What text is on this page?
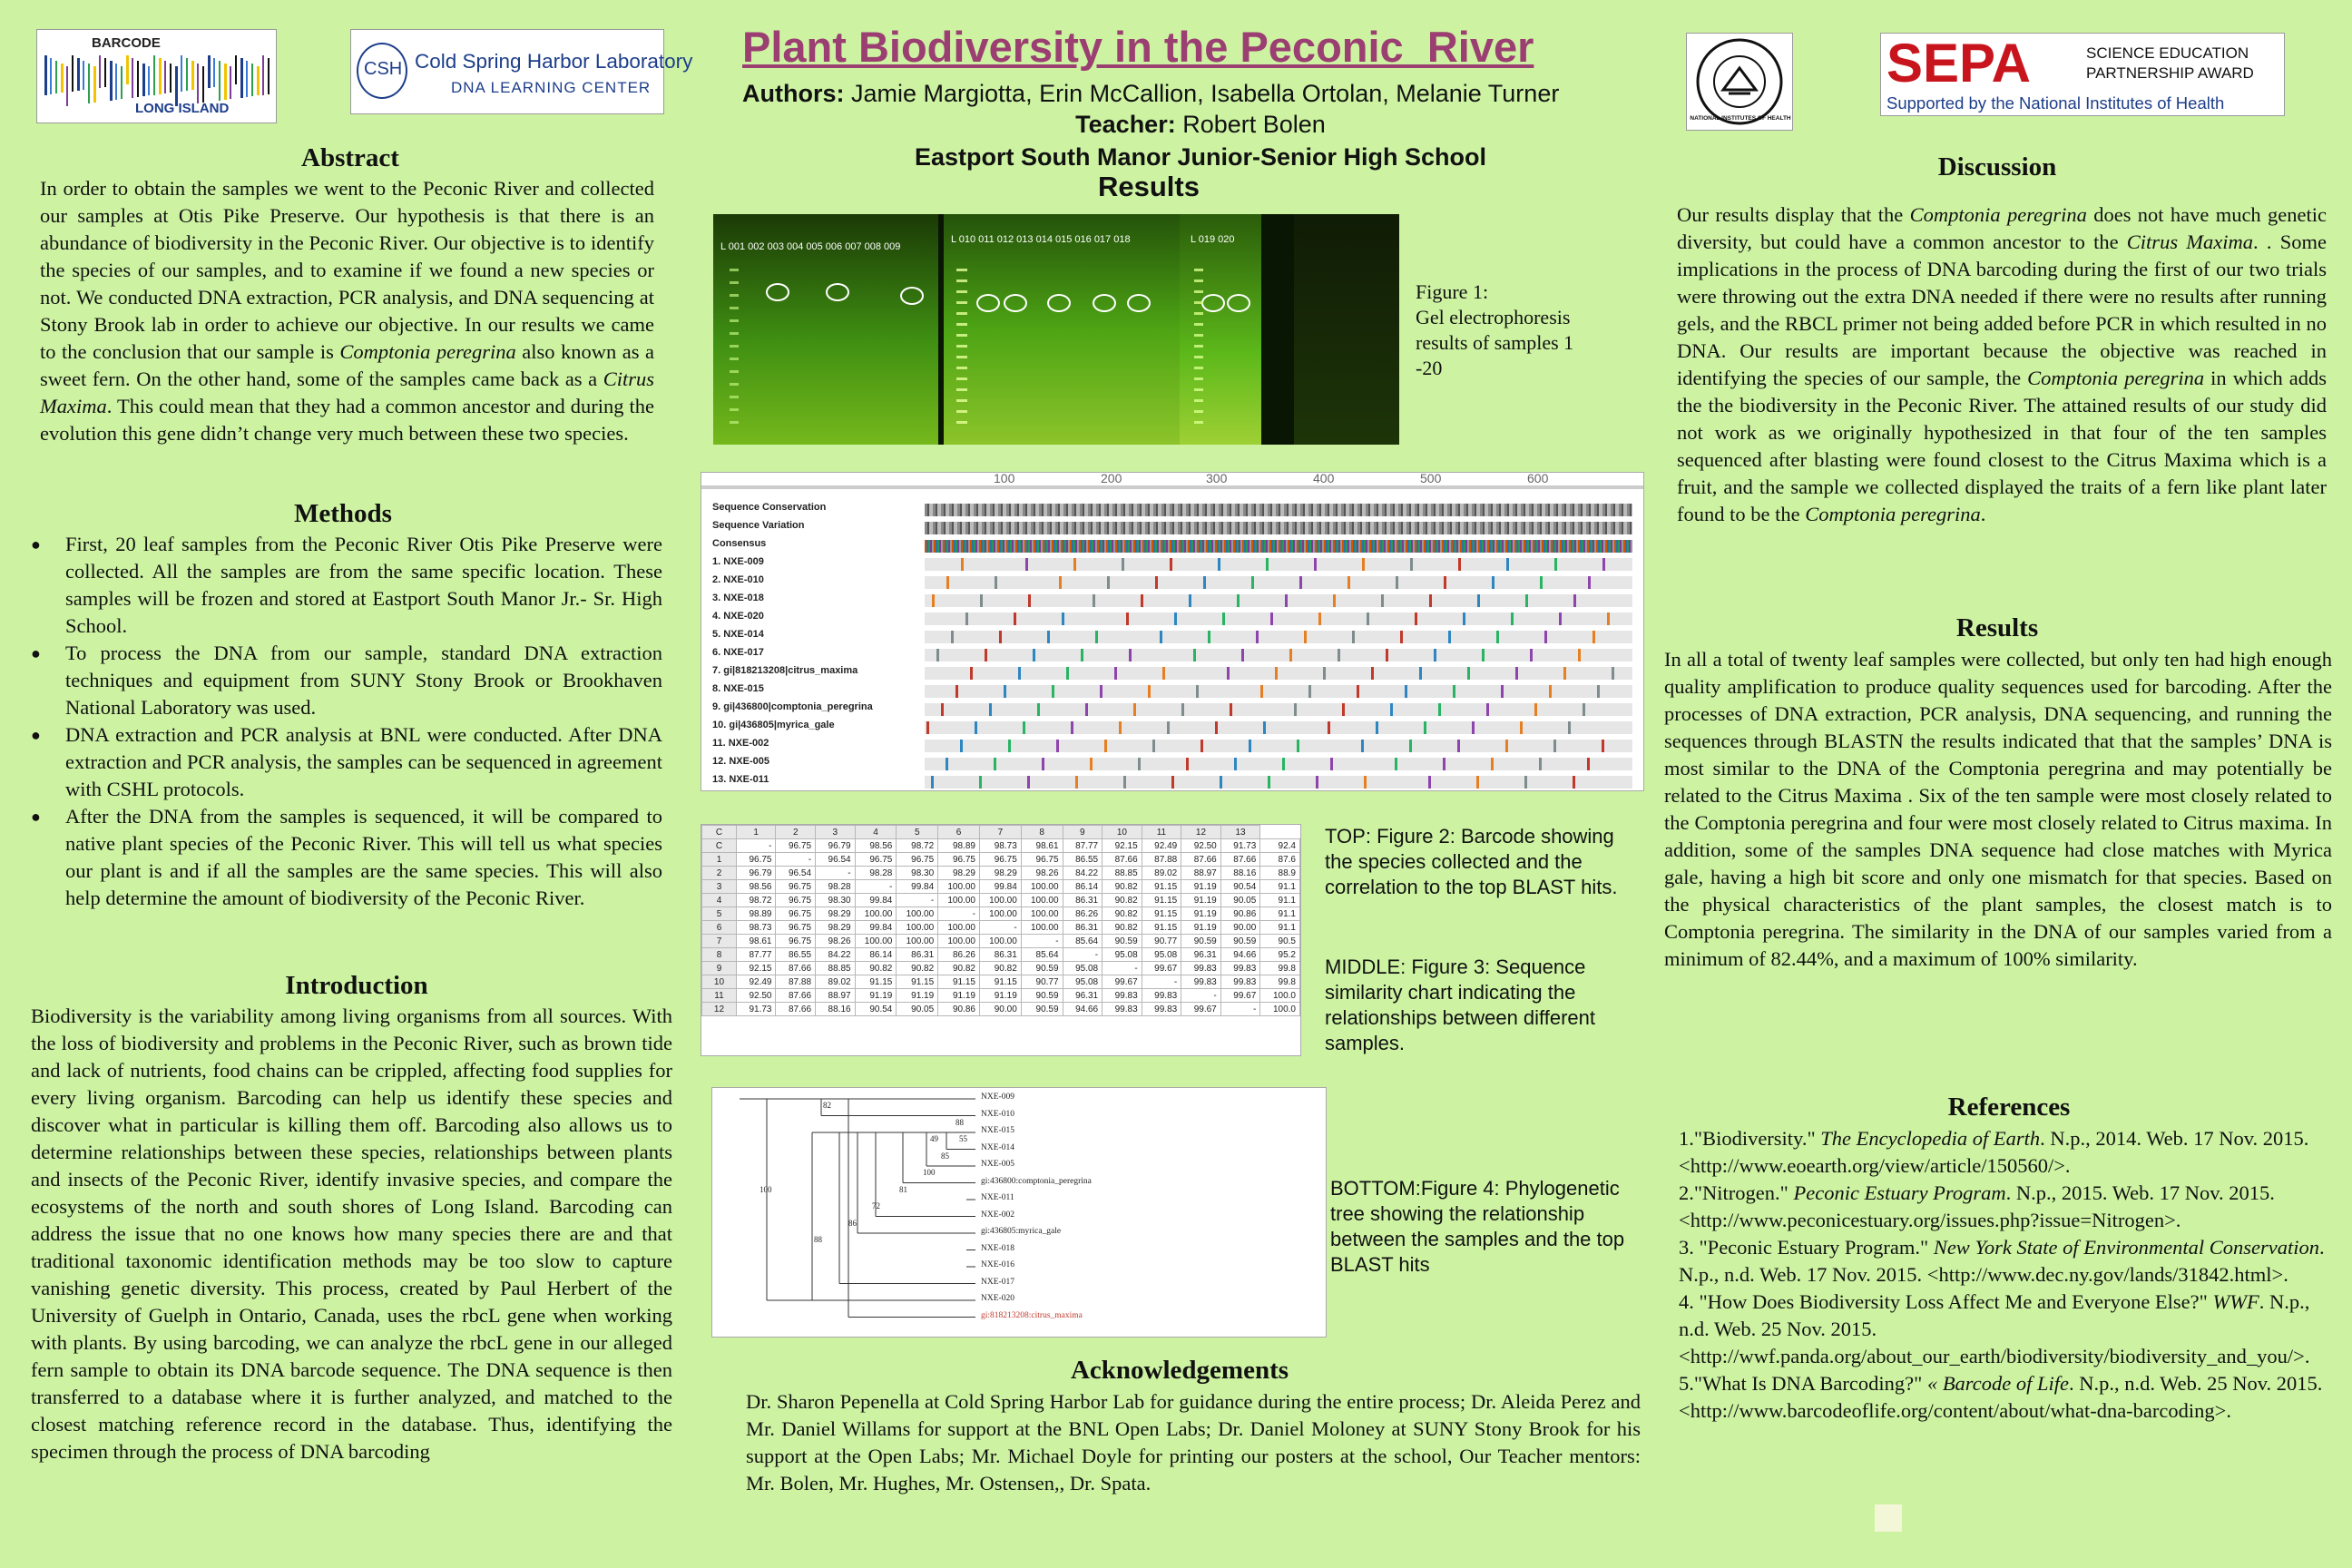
BARCODE
LONG ISLAND
CSH Cold Spring Harbor Laboratory
DNA LEARNING CENTER
NATIONAL INSTITUTES OF HEALTH
SEPA	SCIENCE EDUCATION
PARTNERSHIP AWARD
Supported by the National Institutes of Health
Plant Biodiversity in the Peconic_River
Authors: Jamie Margiotta, Erin McCallion, Isabella Ortolan, Melanie Turner
Teacher: Robert Bolen
Eastport South Manor Junior-Senior High School
Results
Abstract

In order to obtain the samples we went to the Peconic River and collected our samples at Otis Pike Preserve. Our hypothesis is that there is an abundance of biodiversity in the Peconic River. Our objective is to identify the species of our samples, and to examine if we found a new species or not. We conducted DNA extraction, PCR analysis, and DNA sequencing at Stony Brook lab in order to achieve our objective. In our results we came to the conclusion that our sample is Comptonia peregrina also known as a sweet fern. On the other hand, some of the samples came back as a Citrus Maxima. This could mean that they had a common ancestor and during the evolution this gene didn’t change very much between these two species.

Methods
● First, 20 leaf samples from the Peconic River Otis Pike Preserve were collected. All the samples are from the same specific location. These samples will be frozen and stored at Eastport South Manor Jr.- Sr. High School.
● To process the DNA from our sample, standard DNA extraction techniques and equipment from SUNY Stony Brook or Brookhaven National Laboratory was used.
● DNA extraction and PCR analysis at BNL were conducted. After DNA extraction and PCR analysis, the samples can be sequenced in agreement with CSHL protocols.
● After the DNA from the samples is sequenced, it will be compared to native plant species of the Peconic River. This will tell us what species our plant is and if all the samples are the same species. This will also help determine the amount of biodiversity of the Peconic River.
Introduction

Biodiversity is the variability among living organisms from all sources. With the loss of biodiversity and problems in the Peconic River, such as brown tide and lack of nutrients, food chains can be crippled, affecting food supplies for every living organism. Barcoding can help us identify these species and discover what in particular is killing them off. Barcoding also allows us to determine relationships between these species, relationships between plants and insects of the Peconic River, identify invasive species, and compare the ecosystems of the north and south shores of Long Island. Barcoding can address the issue that no one knows how many species there are and that traditional taxonomic identification methods may be too slow to capture vanishing genetic diversity. This process, created by Paul Herbert of the University of Guelph in Ontario, Canada, uses the rbcL gene when working with plants. By using barcoding, we can analyze the rbcL gene in our alleged fern sample to obtain its DNA barcode sequence. The DNA sequence is then transferred to a database where it is further analyzed, and matched to the closest matching reference record in the database. Thus, identifying the specimen through the process of DNA barcoding

L 001 002 003 004 005 006 007 008 009
L 010 011 012 013 014 015 016 017 018	L 019 020
Figure 1:
Gel electrophoresis results of samples 1 -20
100	200	300	400	500	600
Sequence Conservation
Sequence Variation
Consensus
1. NXE-009
2. NXE-010
3. NXE-018
4. NXE-020
5. NXE-014
6. NXE-017
7. gi|818213208|citrus_maxima
8. NXE-015
9. gi|436800|comptonia_peregrina
10. gi|436805|myrica_gale
11. NXE-002
12. NXE-005
13. NXE-011
C	1	2	3	4	5	6	7	8	9	10	11	12	13	
C	-	96.75	96.79	98.56	98.72	98.89	98.73	98.61	87.77	92.15	92.49	92.50	91.73	92.4
1	96.75	-	96.54	96.75	96.75	96.75	96.75	96.75	86.55	87.66	87.88	87.66	87.66	87.6
2	96.79	96.54	-	98.28	98.30	98.29	98.29	98.26	84.22	88.85	89.02	88.97	88.16	88.9
3	98.56	96.75	98.28	-	99.84	100.00	99.84	100.00	86.14	90.82	91.15	91.19	90.54	91.1
4	98.72	96.75	98.30	99.84	-	100.00	100.00	100.00	86.31	90.82	91.15	91.19	90.05	91.1
5	98.89	96.75	98.29	100.00	100.00	-	100.00	100.00	86.26	90.82	91.15	91.19	90.86	91.1
6	98.73	96.75	98.29	99.84	100.00	100.00	-	100.00	86.31	90.82	91.15	91.19	90.00	91.1
7	98.61	96.75	98.26	100.00	100.00	100.00	100.00	-	85.64	90.59	90.77	90.59	90.59	90.5
8	87.77	86.55	84.22	86.14	86.31	86.26	86.31	85.64	-	95.08	95.08	96.31	94.66	95.2
9	92.15	87.66	88.85	90.82	90.82	90.82	90.82	90.59	95.08	-	99.67	99.83	99.83	99.8
10	92.49	87.88	89.02	91.15	91.15	91.15	91.15	90.77	95.08	99.67	-	99.83	99.83	99.8
11	92.50	87.66	88.97	91.19	91.19	91.19	91.19	90.59	96.31	99.83	99.83	-	99.67	100.0
12	91.73	87.66	88.16	90.54	90.05	90.86	90.00	90.59	94.66	99.83	99.83	99.67	-	100.0
TOP: Figure 2: Barcode showing the species collected and the correlation to the top BLAST hits.
MIDDLE: Figure 3: Sequence similarity chart indicating the relationships between different samples.
NXE-009
NXE-010
NXE-015
NXE-014
NXE-005
gi:436800:comptonia_peregrina
NXE-011
NXE-002
gi:436805:myrica_gale
NXE-018
NXE-016
NXE-017
NXE-020
gi:818213208:citrus_maxima
82
100
88
86
72
81
100
85
55
49
88
BOTTOM:Figure 4: Phylogenetic tree showing the relationship between the samples and the top BLAST hits
Acknowledgements

Dr. Sharon Pepenella at Cold Spring Harbor Lab for guidance during the entire process; Dr. Aleida Perez and Mr. Daniel Willams for support at the BNL Open Labs; Dr. Daniel Moloney at SUNY Stony Brook for his support at the Open Labs; Mr. Michael Doyle for printing our posters at the school, Our Teacher mentors: Mr. Bolen, Mr. Hughes, Mr. Ostensen,, Dr. Spata.

Discussion

Our results display that the Comptonia peregrina does not have much genetic diversity, but could have a common ancestor to the Citrus Maxima. . Some implications in the process of DNA barcoding during the first of our two trials were throwing out the extra DNA needed if there were no results after running gels, and the RBCL primer not being added before PCR in which resulted in no DNA. Our results are important because the objective was reached in identifying the species of our sample, the Comptonia peregrina in which adds the the biodiversity in the Peconic River. The attained results of our study did not work as we originally hypothesized in that four of the ten samples sequenced after blasting were found closest to the Citrus Maxima which is a fruit, and the sample we collected displayed the traits of a fern like plant later found to be the Comptonia peregrina.

Results

In all a total of twenty leaf samples were collected, but only ten had high enough quality amplification to produce quality sequences used for barcoding. After the processes of DNA extraction, PCR analysis, DNA sequencing, and running the sequences through BLASTN the results indicated that that the samples’ DNA is most similar to the DNA of the Comptonia peregrina and may potentially be related to the Citrus Maxima . Six of the ten sample were most closely related to the Comptonia peregrina and four were most closely related to Citrus maxima. In addition, some of the samples DNA sequence had close matches with Myrica gale, having a high bit score and only one mismatch for that species. Based on the physical characteristics of the plant samples, the closest match is to Comptonia peregrina. The similarity in the DNA of our samples varied from a minimum of 82.44%, and a maximum of 100% similarity.

References

1."Biodiversity." The Encyclopedia of Earth. N.p., 2014. Web. 17 Nov. 2015. <http://www.eoearth.org/view/article/150560/>.

2."Nitrogen." Peconic Estuary Program. N.p., 2015. Web. 17 Nov. 2015. <http://www.peconicestuary.org/issues.php?issue=Nitrogen>.

3. "Peconic Estuary Program." New York State of Environmental Conservation. N.p., n.d. Web. 17 Nov. 2015. <http://www.dec.ny.gov/lands/31842.html>.

4. "How Does Biodiversity Loss Affect Me and Everyone Else?" WWF. N.p., n.d. Web. 25 Nov. 2015. <http://wwf.panda.org/about_our_earth/biodiversity/biodiversity_and_you/>.

5."What Is DNA Barcoding?" « Barcode of Life. N.p., n.d. Web. 25 Nov. 2015. <http://www.barcodeoflife.org/content/about/what-dna-barcoding>.
